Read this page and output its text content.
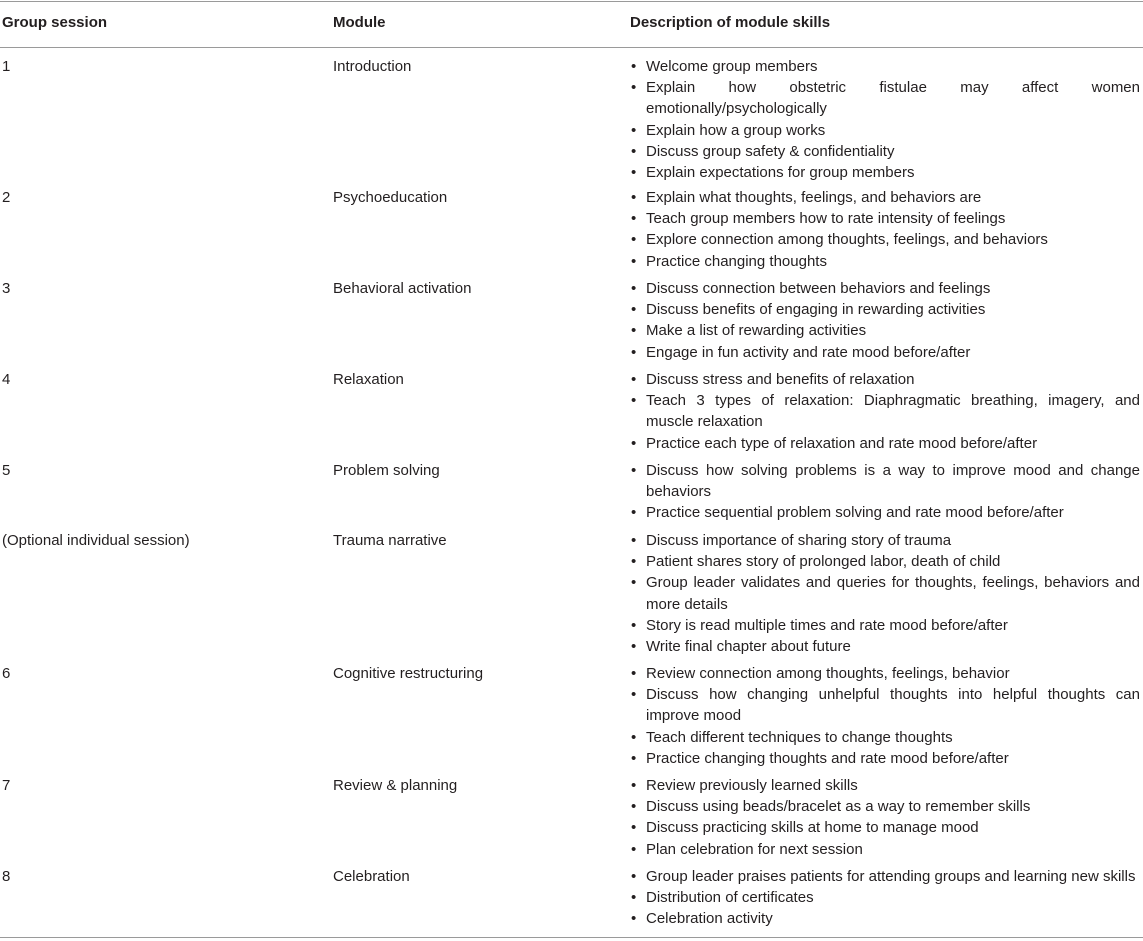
Group session	Module	Description of module skills
1	Introduction	• Welcome group members
• Explain how obstetric fistulae may affect women emotionally/psychologically
• Explain how a group works
• Discuss group safety & confidentiality
• Explain expectations for group members
2	Psychoeducation	• Explain what thoughts, feelings, and behaviors are
• Teach group members how to rate intensity of feelings
• Explore connection among thoughts, feelings, and behaviors
• Practice changing thoughts
3	Behavioral activation	• Discuss connection between behaviors and feelings
• Discuss benefits of engaging in rewarding activities
• Make a list of rewarding activities
• Engage in fun activity and rate mood before/after
4	Relaxation	• Discuss stress and benefits of relaxation
• Teach 3 types of relaxation: Diaphragmatic breathing, imagery, and muscle relaxation
• Practice each type of relaxation and rate mood before/after
5	Problem solving	• Discuss how solving problems is a way to improve mood and change behaviors
• Practice sequential problem solving and rate mood before/after
(Optional individual session)	Trauma narrative	• Discuss importance of sharing story of trauma
• Patient shares story of prolonged labor, death of child
• Group leader validates and queries for thoughts, feelings, behaviors and more details
• Story is read multiple times and rate mood before/after
• Write final chapter about future
6	Cognitive restructuring	• Review connection among thoughts, feelings, behavior
• Discuss how changing unhelpful thoughts into helpful thoughts can improve mood
• Teach different techniques to change thoughts
• Practice changing thoughts and rate mood before/after
7	Review & planning	• Review previously learned skills
• Discuss using beads/bracelet as a way to remember skills
• Discuss practicing skills at home to manage mood
• Plan celebration for next session
8	Celebration	• Group leader praises patients for attending groups and learning new skills
• Distribution of certificates
• Celebration activity
